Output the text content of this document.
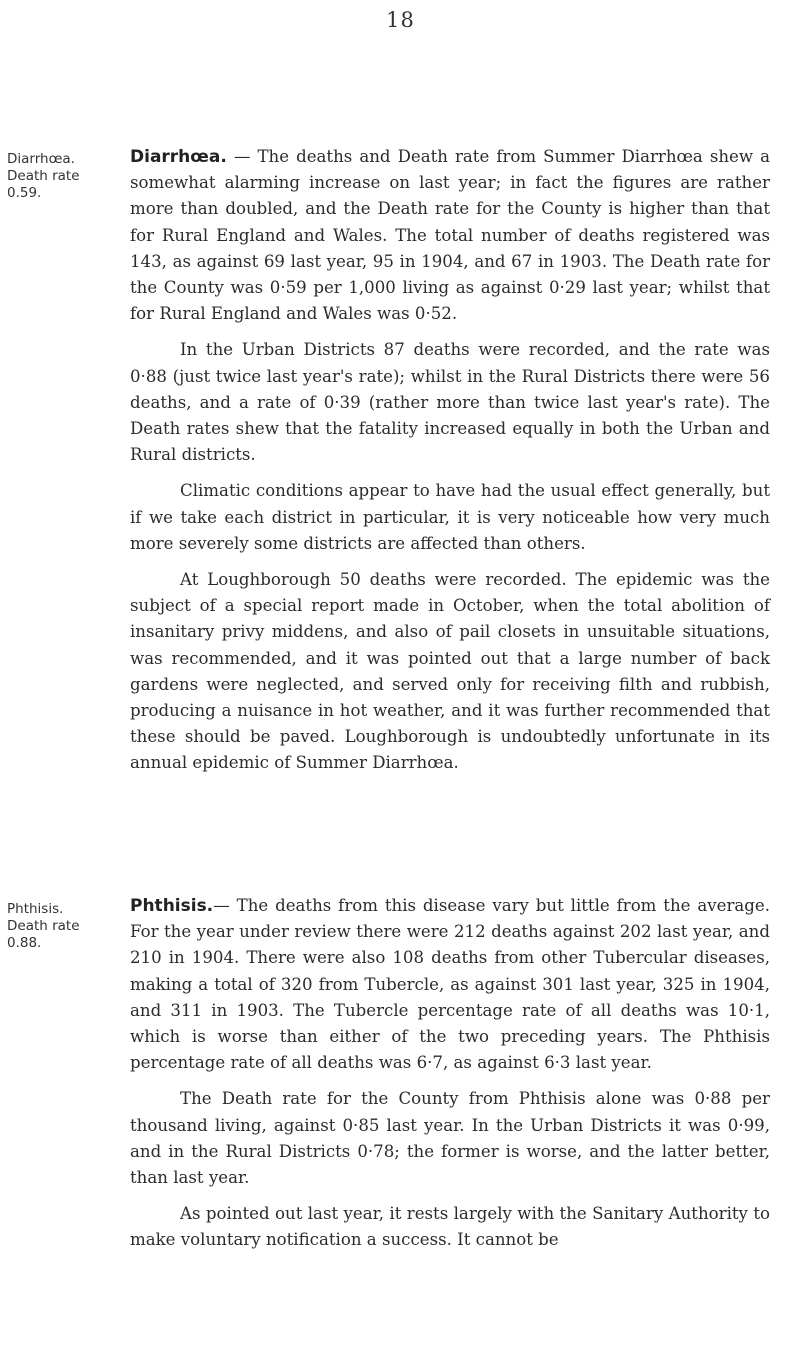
18
Diarrhœa.
Death rate
0.59.

Diarrhœa. — The deaths and Death rate from Summer Diarrhœa shew a somewhat alarming increase on last year; in fact the figures are rather more than doubled, and the Death rate for the County is higher than that for Rural England and Wales. The total number of deaths registered was 143, as against 69 last year, 95 in 1904, and 67 in 1903. The Death rate for the County was 0·59 per 1,000 living as against 0·29 last year; whilst that for Rural England and Wales was 0·52.

In the Urban Districts 87 deaths were recorded, and the rate was 0·88 (just twice last year's rate); whilst in the Rural Districts there were 56 deaths, and a rate of 0·39 (rather more than twice last year's rate). The Death rates shew that the fatality increased equally in both the Urban and Rural districts.

Climatic conditions appear to have had the usual effect generally, but if we take each district in particular, it is very noticeable how very much more severely some districts are affected than others.

At Loughborough 50 deaths were recorded. The epidemic was the subject of a special report made in October, when the total abolition of insanitary privy middens, and also of pail closets in unsuitable situations, was recommended, and it was pointed out that a large number of back gardens were neglected, and served only for receiving filth and rubbish, producing a nuisance in hot weather, and it was further recommended that these should be paved. Loughborough is undoubtedly unfortunate in its annual epidemic of Summer Diarrhœa.

Phthisis.
Death rate
0.88.

Phthisis.— The deaths from this disease vary but little from the average. For the year under review there were 212 deaths against 202 last year, and 210 in 1904. There were also 108 deaths from other Tubercular diseases, making a total of 320 from Tubercle, as against 301 last year, 325 in 1904, and 311 in 1903. The Tubercle percentage rate of all deaths was 10·1, which is worse than either of the two preceding years. The Phthisis percentage rate of all deaths was 6·7, as against 6·3 last year.

The Death rate for the County from Phthisis alone was 0·88 per thousand living, against 0·85 last year. In the Urban Districts it was 0·99, and in the Rural Districts 0·78; the former is worse, and the latter better, than last year.

As pointed out last year, it rests largely with the Sanitary Authority to make voluntary notification a success. It cannot be
